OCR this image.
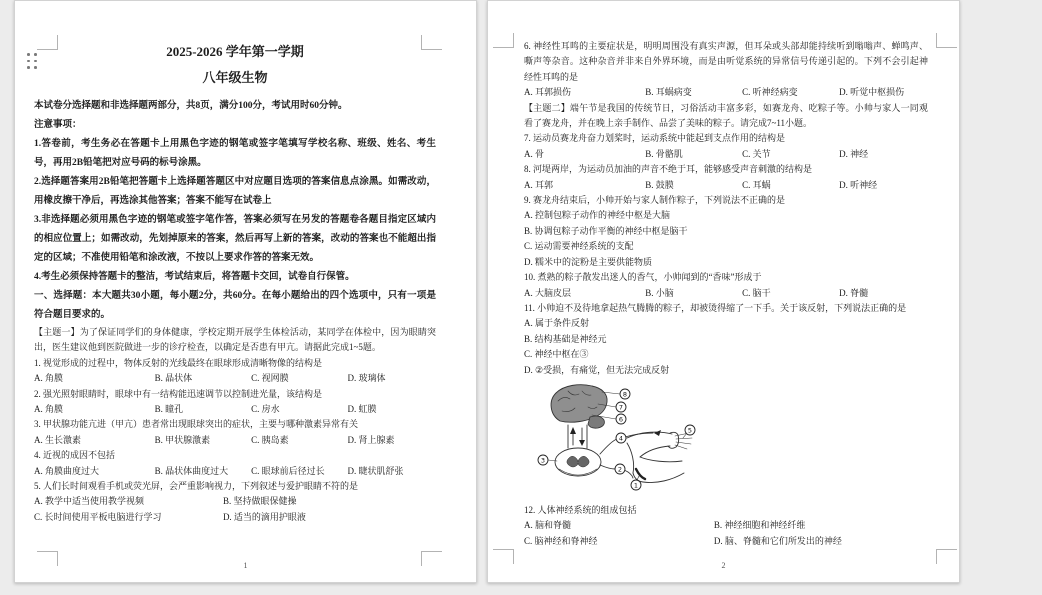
2025-2026 学年第一学期
八年级生物
本试卷分选择题和非选择题两部分，共8页，满分100分，考试用时60分钟。
注意事项：
1.答卷前，考生务必在答题卡上用黑色字迹的钢笔或签字笔填写学校名称、班级、姓名、考生号，再用2B铅笔把对应号码的标号涂黑。
2.选择题答案用2B铅笔把答题卡上选择题答题区中对应题目选项的答案信息点涂黑。如需改动，用橡皮擦干净后，再选涂其他答案；答案不能写在试卷上
3.非选择题必须用黑色字迹的钢笔或签字笔作答，答案必须写在另发的答题卷各题目指定区域内的相应位置上；如需改动，先划掉原来的答案，然后再写上新的答案，改动的答案也不能超出指定的区域；不准使用铅笔和涂改液，不按以上要求作答的答案无效。
4.考生必须保持答题卡的整洁，考试结束后，将答题卡交回，试卷自行保管。
一、选择题：本大题共30小题，每小题2分，共60分。在每小题给出的四个选项中，只有一项是符合题目要求的。
【主题一】为了保证同学们的身体健康，学校定期开展学生体检活动，某同学在体检中，因为眼睛突出，医生建议他到医院做进一步的诊疗检查，以确定是否患有甲亢。请据此完成1~5题。
1. 视觉形成的过程中，物体反射的光线最终在眼球形成清晰物像的结构是
A. 角膜	B. 晶状体	C. 视网膜	D. 玻璃体
2. 强光照射眼睛时，眼球中有一结构能迅速调节以控制进光量，该结构是
A. 角膜	B. 瞳孔	C. 房水	D. 虹膜
3. 甲状腺功能亢进（甲亢）患者常出现眼球突出的症状，主要与哪种激素异常有关
A. 生长激素	B. 甲状腺激素	C. 胰岛素	D. 肾上腺素
4. 近视的成因不包括
A. 角膜曲度过大	B. 晶状体曲度过大	C. 眼球前后径过长	D. 睫状肌舒张
5. 人们长时间观看手机或荧光屏，会严重影响视力，下列叙述与爱护眼睛不符的是
A. 教学中适当使用教学视频	B. 坚持做眼保健操
C. 长时间使用平板电脑进行学习	D. 适当的滴用护眼液
1
6. 神经性耳鸣的主要症状是，明明周围没有真实声源，但耳朵或头部却能持续听到嗡嗡声、蝉鸣声、嘶声等杂音。这种杂音并非来自外界环境，而是由听觉系统的异常信号传递引起的。下列不会引起神经性耳鸣的是
A. 耳郭损伤	B. 耳蜗病变	C. 听神经病变	D. 听觉中枢损伤
【主题二】端午节是我国的传统节日，习俗活动丰富多彩，如赛龙舟、吃粽子等。小帅与家人一同观看了赛龙舟，并在晚上亲手制作、品尝了美味的粽子。请完成7~11小题。
7. 运动员赛龙舟奋力划桨时，运动系统中能起到支点作用的结构是
A. 骨	B. 骨骼肌	C. 关节	D. 神经
8. 河堤两岸，为运动员加油的声音不绝于耳，能够感受声音刺激的结构是
A. 耳郭	B. 鼓膜	C. 耳蜗	D. 听神经
9. 赛龙舟结束后，小帅开始与家人制作粽子，下列说法不正确的是
A. 控制包粽子动作的神经中枢是大脑
B. 协调包粽子动作平衡的神经中枢是脑干
C. 运动需要神经系统的支配
D. 糯米中的淀粉是主要供能物质
10. 煮熟的粽子散发出迷人的香气，小帅闻到的“香味”形成于
A. 大脑皮层	B. 小脑	C. 脑干	D. 脊髓
11. 小帅迫不及待地拿起热气腾腾的粽子，却被烫得缩了一下手。关于该反射，下列说法正确的是
A. 属于条件反射
B. 结构基础是神经元
C. 神经中枢在③
D. ②受损，有痛觉，但无法完成反射
8
7
6
3
4
5
2
1
12. 人体神经系统的组成包括
A. 脑和脊髓	B. 神经细胞和神经纤维
C. 脑神经和脊神经	D. 脑、脊髓和它们所发出的神经
2
